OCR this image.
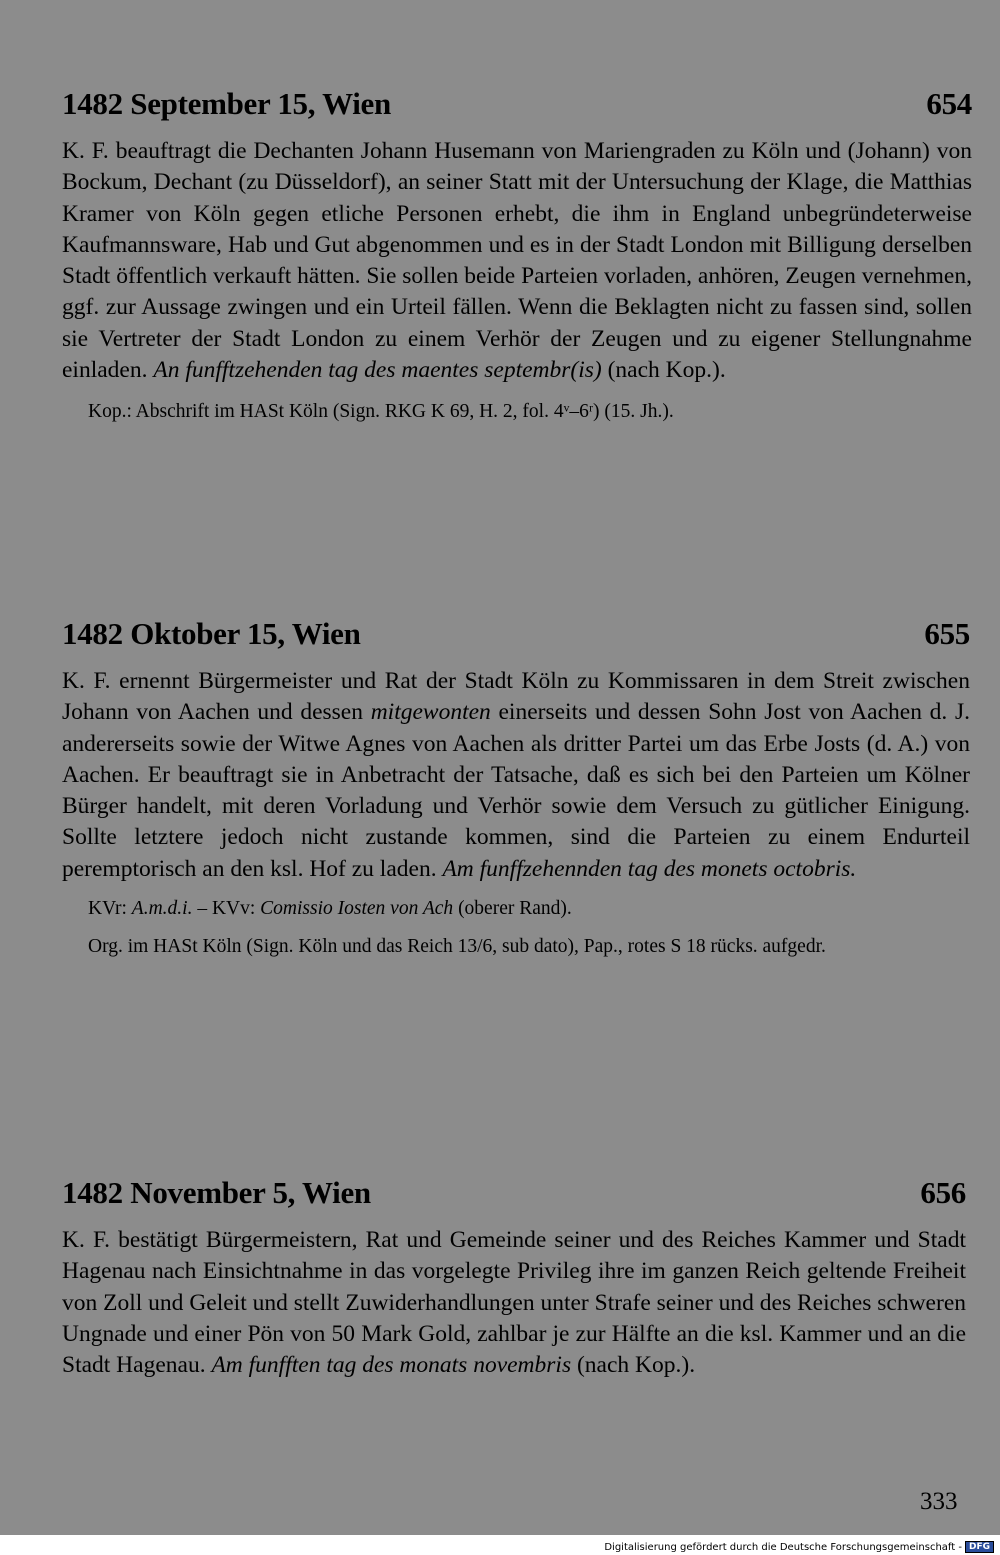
1482 September 15, Wien	654
K. F. beauftragt die Dechanten Johann Husemann von Mariengraden zu Köln und (Johann) von Bockum, Dechant (zu Düsseldorf), an seiner Statt mit der Untersuchung der Klage, die Matthias Kramer von Köln gegen etliche Personen erhebt, die ihm in England unbegründeterweise Kaufmannsware, Hab und Gut abgenommen und es in der Stadt London mit Billigung derselben Stadt öffentlich verkauft hätten. Sie sollen beide Parteien vorladen, anhören, Zeugen vernehmen, ggf. zur Aussage zwingen und ein Urteil fällen. Wenn die Beklagten nicht zu fassen sind, sollen sie Vertreter der Stadt London zu einem Verhör der Zeugen und zu eigener Stellungnahme einladen. An funfftzehenden tag des maentes septembr(is) (nach Kop.).
Kop.: Abschrift im HASt Köln (Sign. RKG K 69, H. 2, fol. 4ᵛ–6ʳ) (15. Jh.).
1482 Oktober 15, Wien	655
K. F. ernennt Bürgermeister und Rat der Stadt Köln zu Kommissaren in dem Streit zwischen Johann von Aachen und dessen mitgewonten einerseits und dessen Sohn Jost von Aachen d. J. andererseits sowie der Witwe Agnes von Aachen als dritter Partei um das Erbe Josts (d. A.) von Aachen. Er beauftragt sie in Anbetracht der Tatsache, daß es sich bei den Parteien um Kölner Bürger handelt, mit deren Vorladung und Verhör sowie dem Versuch zu gütlicher Einigung. Sollte letztere jedoch nicht zustande kommen, sind die Parteien zu einem Endurteil peremptorisch an den ksl. Hof zu laden. Am funffzehennden tag des monets octobris.
KVr: A.m.d.i. – KVv: Comissio Iosten von Ach (oberer Rand).
Org. im HASt Köln (Sign. Köln und das Reich 13/6, sub dato), Pap., rotes S 18 rücks. aufgedr.
1482 November 5, Wien	656
K. F. bestätigt Bürgermeistern, Rat und Gemeinde seiner und des Reiches Kammer und Stadt Hagenau nach Einsichtnahme in das vorgelegte Privileg ihre im ganzen Reich geltende Freiheit von Zoll und Geleit und stellt Zuwiderhandlungen unter Strafe seiner und des Reiches schweren Ungnade und einer Pön von 50 Mark Gold, zahlbar je zur Hälfte an die ksl. Kammer und an die Stadt Hagenau. Am funfften tag des monats novembris (nach Kop.).
333
Digitalisierung gefördert durch die Deutsche Forschungsgemeinschaft - DFG
